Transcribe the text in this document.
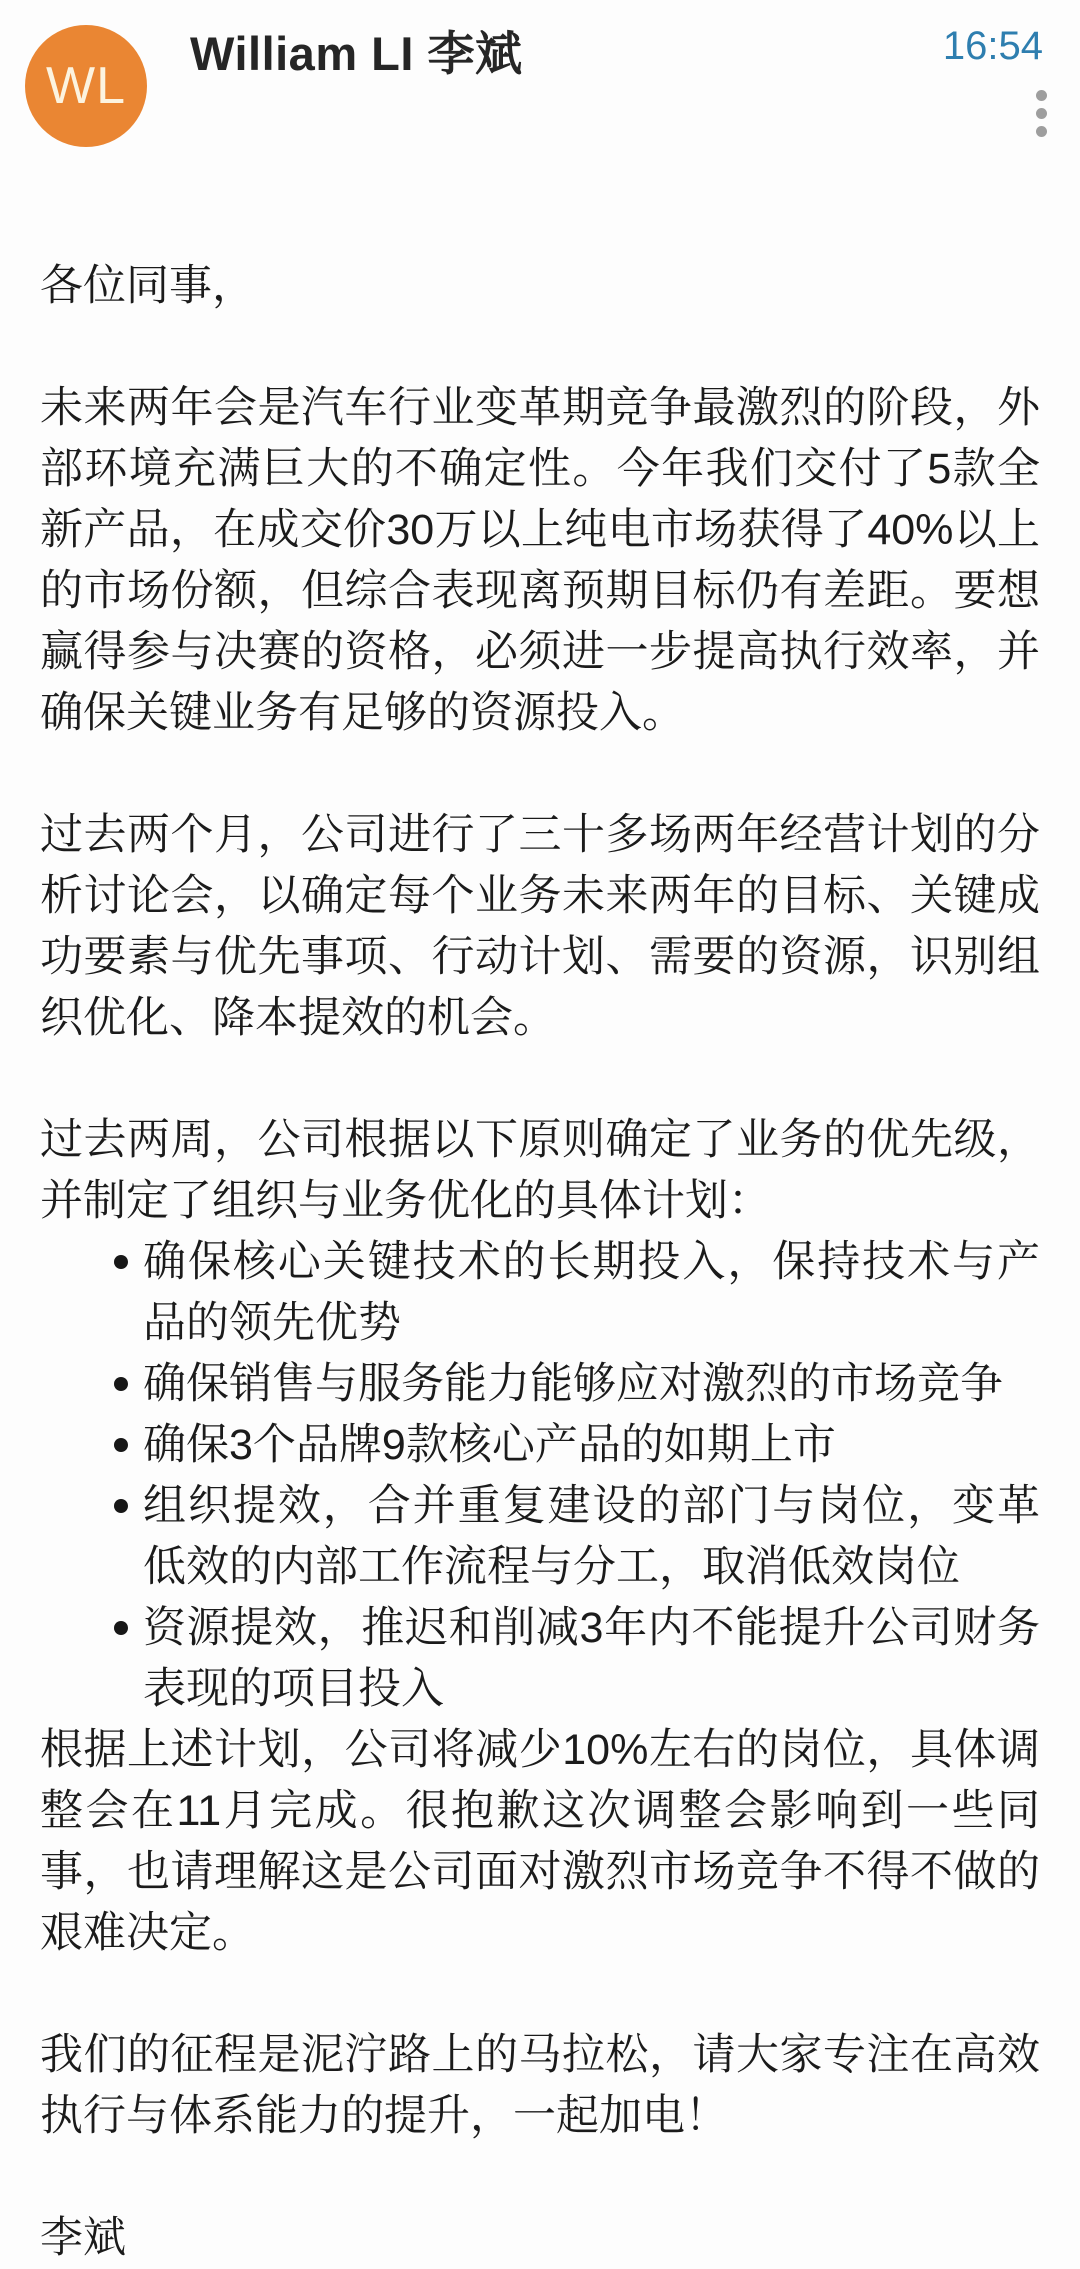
WL
William LI 李斌	16:54

各位同事，

未来两年会是汽车行业变革期竞争最激烈的阶段，外部环境充满巨大的不确定性。今年我们交付了5款全新产品，在成交价30万以上纯电市场获得了40%以上的市场份额，但综合表现离预期目标仍有差距。要想赢得参与决赛的资格，必须进一步提高执行效率，并确保关键业务有足够的资源投入。

过去两个月，公司进行了三十多场两年经营计划的分析讨论会，以确定每个业务未来两年的目标、关键成功要素与优先事项、行动计划、需要的资源，识别组织优化、降本提效的机会。

过去两周，公司根据以下原则确定了业务的优先级，并制定了组织与业务优化的具体计划：

确保核心关键技术的长期投入，保持技术与产品的领先优势
确保销售与服务能力能够应对激烈的市场竞争
确保3个品牌9款核心产品的如期上市
组织提效，合并重复建设的部门与岗位，变革低效的内部工作流程与分工，取消低效岗位
资源提效，推迟和削减3年内不能提升公司财务表现的项目投入

根据上述计划，公司将减少10%左右的岗位，具体调整会在11月完成。很抱歉这次调整会影响到一些同事，也请理解这是公司面对激烈市场竞争不得不做的艰难决定。

我们的征程是泥泞路上的马拉松，请大家专注在高效执行与体系能力的提升，一起加电！

李斌
